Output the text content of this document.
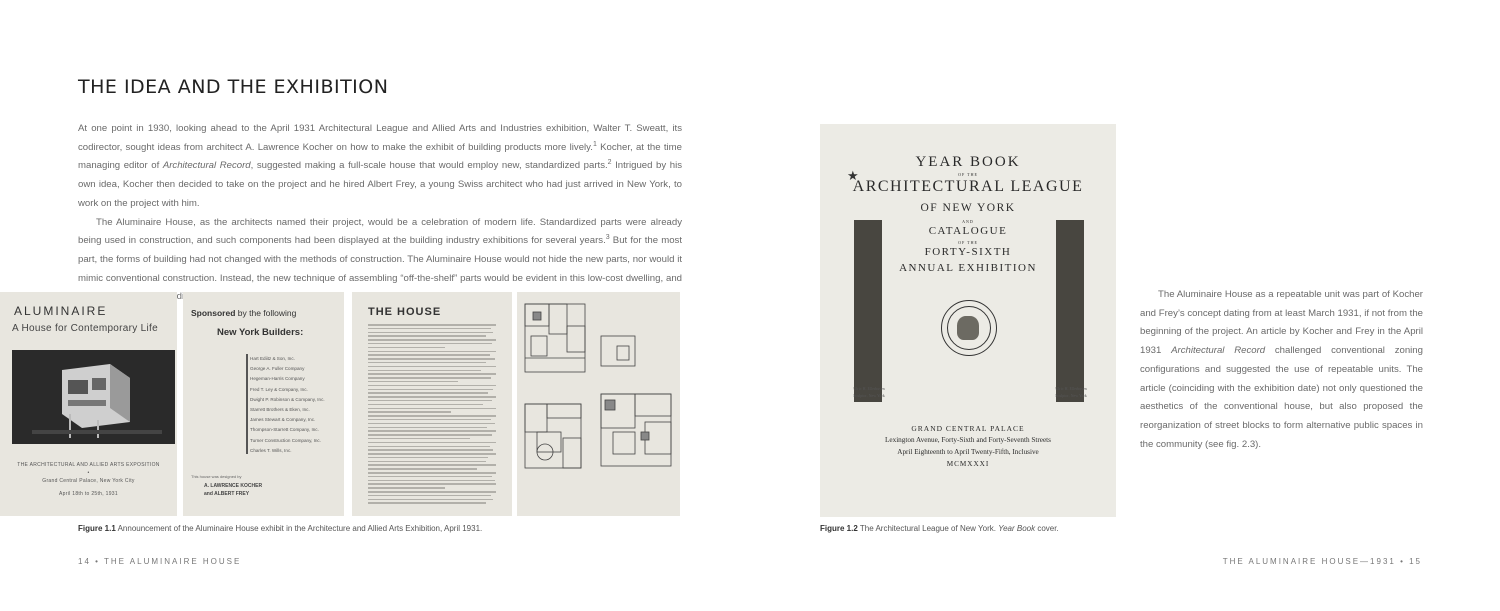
THE IDEA AND THE EXHIBITION

At one point in 1930, looking ahead to the April 1931 Architectural League and Allied Arts and Industries exhibition, Walter T. Sweatt, its codirector, sought ideas from architect A. Lawrence Kocher on how to make the exhibit of building products more lively.$^1$ Kocher, at the time managing editor of Architectural Record, suggested making a full-scale house that would employ new, standardized parts.$^2$ Intrigued by his own idea, Kocher then decided to take on the project and he hired Albert Frey, a young Swiss architect who had just arrived in New York, to work on the project with him.

The Aluminaire House, as the architects named their project, would be a celebration of modern life. Standardized parts were already being used in construction, and such components had been displayed at the building industry exhibitions for several years.$^3$ But for the most part, the forms of building had not changed with the methods of construction. The Aluminaire House would not hide the new parts, nor would it mimic conventional construction. Instead, the new technique of assembling “off-the-shelf” parts would be evident in this low-cost dwelling, and

ALUMINAIRE
A House for Contemporary Life
THE ARCHITECTURAL AND ALLIED ARTS EXPOSITION
•
Grand Central Palace, New York City
April 18th to 25th, 1931
Sponsored by the following
New York Builders:
Hart Ediitz & Son, Inc.
George A. Fuller Company
Hegeman-Harris Company
Fred T. Ley & Company, Inc.
Dwight P. Robinson & Company, Inc.
Starrett Brothers & Eken, Inc.
James Stewart & Company, Inc.
Thompson-Starrett Company, Inc.
Turner Construction Company, Inc.
Charles T. Wills, Inc.
This house was designed by
A. LAWRENCE KOCHER
and ALBERT FREY
THE HOUSE
Figure 1.1 Announcement of the Aluminaire House exhibit in the Architecture and Allied Arts Exhibition, April 1931.
14 • THE ALUMINAIRE HOUSE
YEAR BOOK
OF THE
★
ARCHITECTURAL LEAGUE
OF NEW YORK
AND
CATALOGUE
OF THE
FORTY-SIXTH
ANNUAL EXHIBITION
Ulric H. Ellerhusen
Sculptor, New York
Ulric H. Ellerhusen
Sculptor, New York
GRAND CENTRAL PALACE
Lexington Avenue, Forty-Sixth and Forty-Seventh Streets
April Eighteenth to April Twenty-Fifth, Inclusive
MCMXXXI
Figure 1.2 The Architectural League of New York. Year Book cover.
The Aluminaire House as a repeatable unit was part of Kocher and Frey’s concept dating from at least March 1931, if not from the beginning of the project. An article by Kocher and Frey in the April 1931 Architectural Record challenged conventional zoning configurations and suggested the use of repeatable units. The article (coinciding with the exhibition date) not only questioned the aesthetics of the conventional house, but also proposed the reorganization of street blocks to form alternative public spaces in the community (see fig. 2.3).
THE ALUMINAIRE HOUSE—1931 • 15
